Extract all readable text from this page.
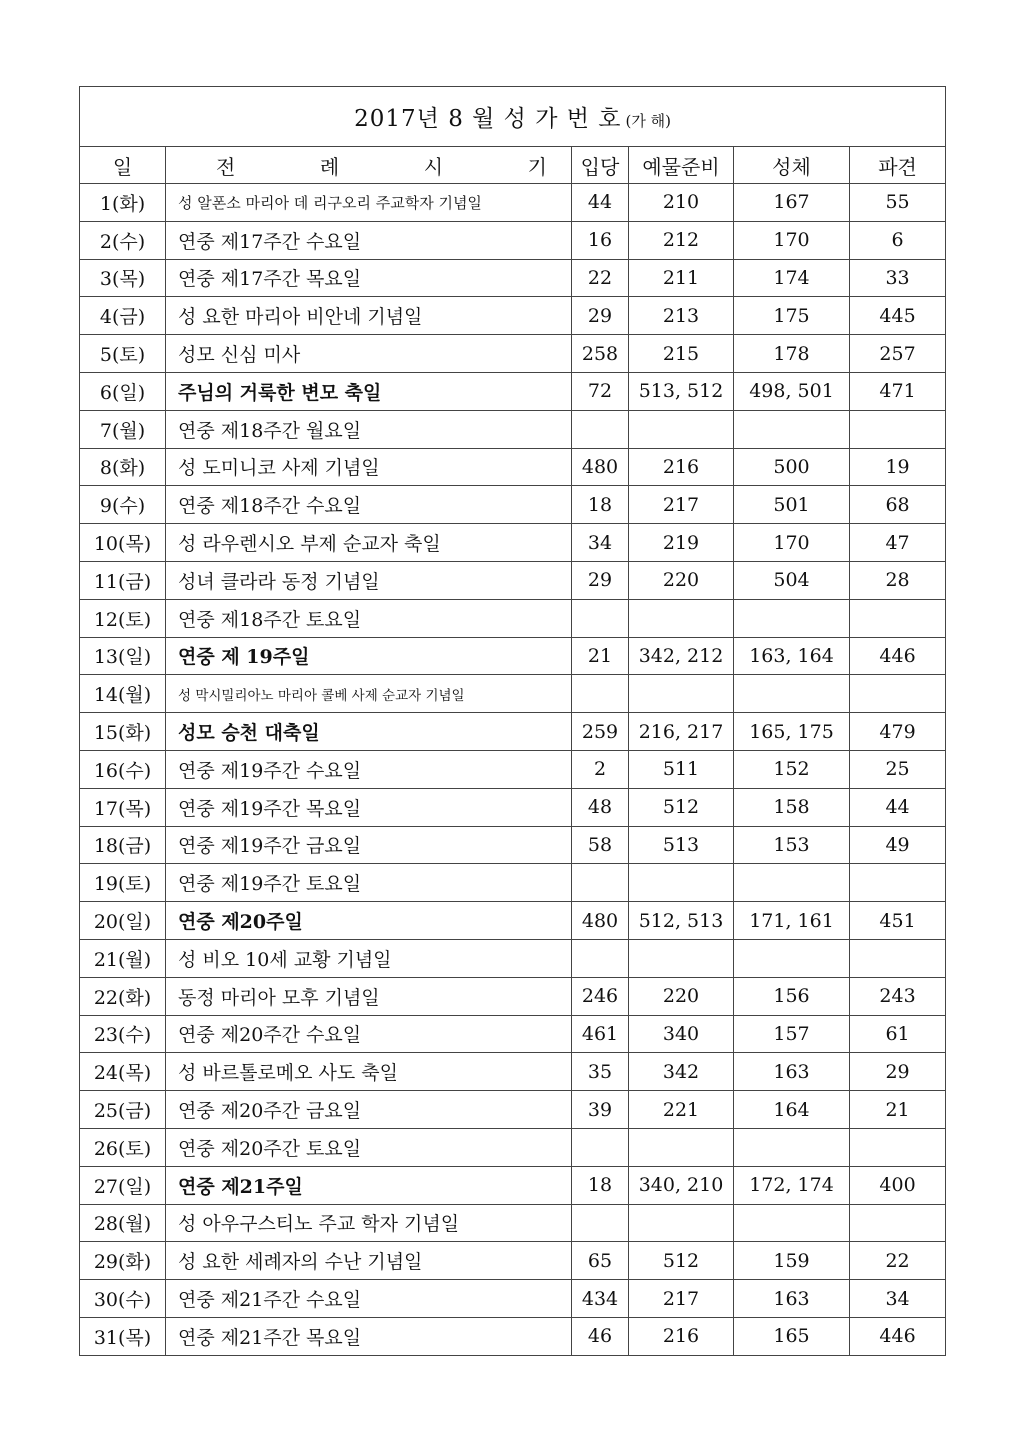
2017년 8 월 성 가 번 호 (가 해)					
일	전 례 시 기	입당	예물준비	성체	파견
1(화)	성 알폰소 마리아 데 리구오리 주교학자 기념일	44	210	167	55
2(수)	연중 제17주간 수요일	16	212	170	6
3(목)	연중 제17주간 목요일	22	211	174	33
4(금)	성 요한 마리아 비안네 기념일	29	213	175	445
5(토)	성모 신심 미사	258	215	178	257
6(일)	주님의 거룩한 변모 축일	72	513, 512	498, 501	471
7(월)	연중 제18주간 월요일				
8(화)	성 도미니코 사제 기념일	480	216	500	19
9(수)	연중 제18주간 수요일	18	217	501	68
10(목)	성 라우렌시오 부제 순교자 축일	34	219	170	47
11(금)	성녀 클라라 동정 기념일	29	220	504	28
12(토)	연중 제18주간 토요일				
13(일)	연중 제 19주일	21	342, 212	163, 164	446
14(월)	성 막시밀리아노 마리아 콜베 사제 순교자 기념일				
15(화)	성모 승천 대축일	259	216, 217	165, 175	479
16(수)	연중 제19주간 수요일	2	511	152	25
17(목)	연중 제19주간 목요일	48	512	158	44
18(금)	연중 제19주간 금요일	58	513	153	49
19(토)	연중 제19주간 토요일				
20(일)	연중 제20주일	480	512, 513	171, 161	451
21(월)	성 비오 10세 교황 기념일				
22(화)	동정 마리아 모후 기념일	246	220	156	243
23(수)	연중 제20주간 수요일	461	340	157	61
24(목)	성 바르톨로메오 사도 축일	35	342	163	29
25(금)	연중 제20주간 금요일	39	221	164	21
26(토)	연중 제20주간 토요일				
27(일)	연중 제21주일	18	340, 210	172, 174	400
28(월)	성 아우구스티노 주교 학자 기념일				
29(화)	성 요한 세례자의 수난 기념일	65	512	159	22
30(수)	연중 제21주간 수요일	434	217	163	34
31(목)	연중 제21주간 목요일	46	216	165	446
